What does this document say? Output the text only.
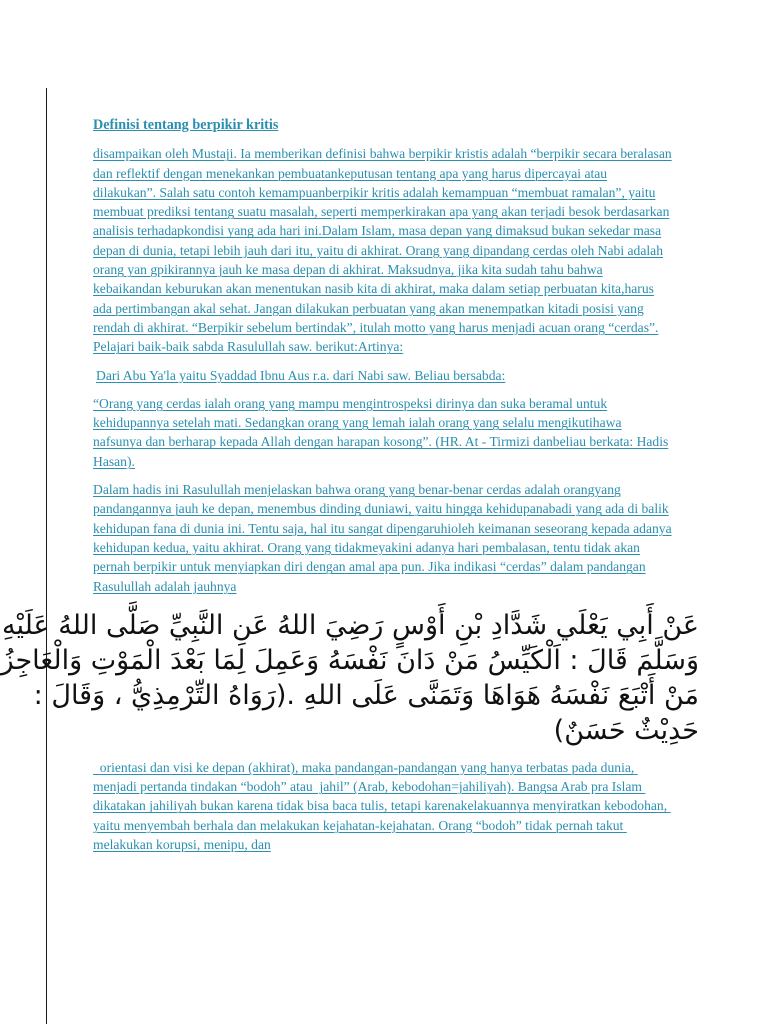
Definisi tentang berpikir kritis

disampaikan oleh Mustaji. Ia memberikan definisi bahwa berpikir kristis adalah “berpikir secara beralasan dan reflektif dengan menekankan pembuatankeputusan tentang apa yang harus dipercayai atau dilakukan”. Salah satu contoh kemampuanberpikir kritis adalah kemampuan “membuat ramalan”, yaitu membuat prediksi tentang suatu masalah, seperti memperkirakan apa yang akan terjadi besok berdasarkan analisis terhadapkondisi yang ada hari ini.Dalam Islam, masa depan yang dimaksud bukan sekedar masa depan di dunia, tetapi lebih jauh dari itu, yaitu di akhirat. Orang yang dipandang cerdas oleh Nabi adalah orang yan gpikirannya jauh ke masa depan di akhirat. Maksudnya, jika kita sudah tahu bahwa kebaikandan keburukan akan menentukan nasib kita di akhirat, maka dalam setiap perbuatan kita,harus ada pertimbangan akal sehat. Jangan dilakukan perbuatan yang akan menempatkan kitadi posisi yang rendah di akhirat. “Berpikir sebelum bertindak”, itulah motto yang harus menjadi acuan orang “cerdas”. Pelajari baik-baik sabda Rasulullah saw. berikut:Artinya:

Dari Abu Ya'la yaitu Syaddad Ibnu Aus r.a. dari Nabi saw. Beliau bersabda:

“Orang yang cerdas ialah orang yang mampu mengintrospeksi dirinya dan suka beramal untuk kehidupannya setelah mati. Sedangkan orang yang lemah ialah orang yang selalu mengikutihawa nafsunya dan berharap kepada Allah dengan harapan kosong”. (HR. At - Tirmizi danbeliau berkata: Hadis Hasan).

Dalam hadis ini Rasulullah menjelaskan bahwa orang yang benar-benar cerdas adalah orangyang pandangannya jauh ke depan, menembus dinding duniawi, yaitu hingga kehidupanabadi yang ada di balik kehidupan fana di dunia ini. Tentu saja, hal itu sangat dipengaruhioleh keimanan seseorang kepada adanya kehidupan kedua, yaitu akhirat. Orang yang tidakmeyakini adanya hari pembalasan, tentu tidak akan pernah berpikir untuk menyiapkan diri dengan amal apa pun. Jika indikasi “cerdas” dalam pandangan Rasulullah adalah jauhnya

عَنْ أَبِي يَعْلَي شَدَّادِ بْنِ أَوْسٍ رَضِيَ اللهُ عَنِ النَّبِيِّ صَلَّى اللهُ عَلَيْهِ
وَسَلَّمَ قَالَ : اَلْكَيِّسُ مَنْ دَانَ نَفْسَهُ وَعَمِلَ لِمَا بَعْدَ الْمَوْتِ وَالْعَاجِزُ
مَنْ أَتْبَعَ نَفْسَهُ هَوَاهَا وَتَمَنَّى عَلَى اللهِ .(رَوَاهُ التِّرْمِذِيُّ ، وَقَالَ :
حَدِيْثٌ حَسَنٌ)

orientasi dan visi ke depan (akhirat), maka pandangan-pandangan yang hanya terbatas pada dunia, menjadi pertanda tindakan “bodoh” atau  jahil” (Arab, kebodohan=jahiliyah). Bangsa Arab pra Islam dikatakan jahiliyah bukan karena tidak bisa baca tulis, tetapi karenakelakuannya menyiratkan kebodohan, yaitu menyembah berhala dan melakukan kejahatan-kejahatan. Orang “bodoh” tidak pernah takut melakukan korupsi, menipu, dan
